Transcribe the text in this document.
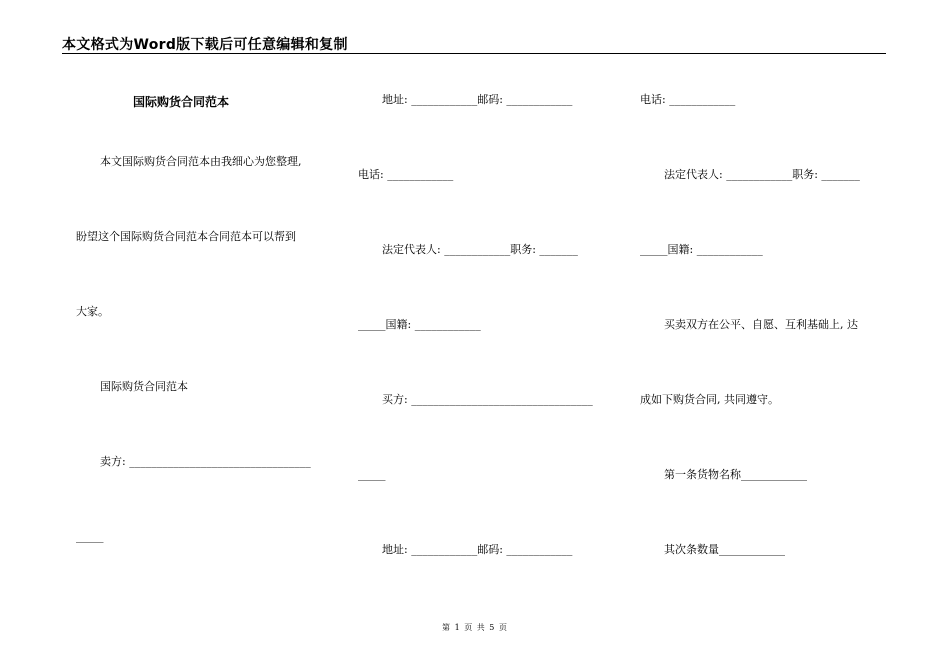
本文格式为Word版下载后可任意编辑和复制
国际购货合同范本
本文国际购货合同范本由我细心为您整理,
盼望这个国际购货合同范本合同范本可以帮到
大家。
国际购货合同范本
卖方: _________________________________
_____
地址: ____________邮码: ____________
电话: ____________
法定代表人: ____________职务: _______
_____国籍: ____________
买方: _________________________________
_____
地址: ____________邮码: ____________
电话: ____________
法定代表人: ____________职务: _______
_____国籍: ____________
买卖双方在公平、自愿、互利基础上, 达
成如下购货合同, 共同遵守。
第一条货物名称____________
其次条数量____________
第 1 页 共 5 页
